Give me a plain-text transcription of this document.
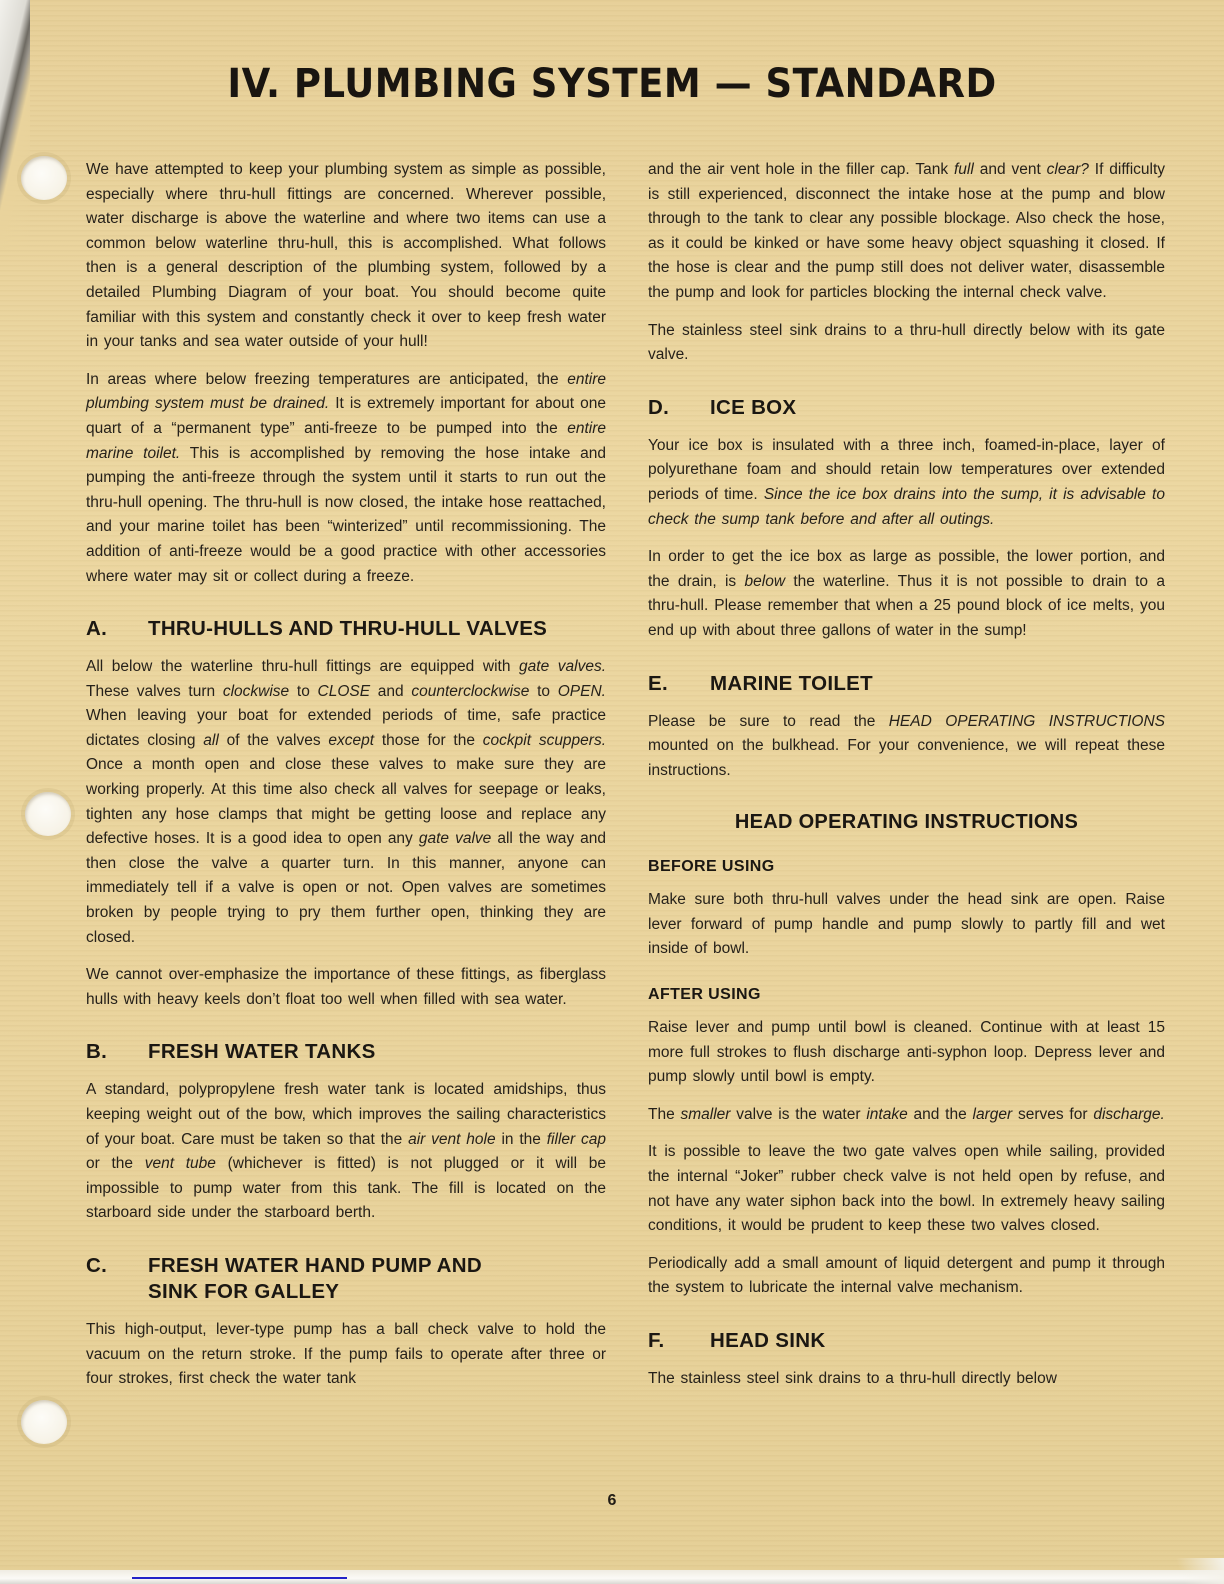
IV. PLUMBING SYSTEM — STANDARD
We have attempted to keep your plumbing system as simple as possible, especially where thru-hull fittings are concerned. Wherever possible, water discharge is above the waterline and where two items can use a common below waterline thru-hull, this is accomplished. What follows then is a general description of the plumbing system, followed by a detailed Plumbing Diagram of your boat. You should become quite familiar with this system and constantly check it over to keep fresh water in your tanks and sea water outside of your hull!
In areas where below freezing temperatures are anticipated, the entire plumbing system must be drained. It is extremely important for about one quart of a “permanent type” anti-freeze to be pumped into the entire marine toilet. This is accomplished by removing the hose intake and pumping the anti-freeze through the system until it starts to run out the thru-hull opening. The thru-hull is now closed, the intake hose reattached, and your marine toilet has been “winterized” until recommissioning. The addition of anti-freeze would be a good practice with other accessories where water may sit or collect during a freeze.
A.	THRU-HULLS AND THRU-HULL VALVES
All below the waterline thru-hull fittings are equipped with gate valves. These valves turn clockwise to CLOSE and counterclockwise to OPEN. When leaving your boat for extended periods of time, safe practice dictates closing all of the valves except those for the cockpit scuppers. Once a month open and close these valves to make sure they are working properly. At this time also check all valves for seepage or leaks, tighten any hose clamps that might be getting loose and replace any defective hoses. It is a good idea to open any gate valve all the way and then close the valve a quarter turn. In this manner, anyone can immediately tell if a valve is open or not. Open valves are sometimes broken by people trying to pry them further open, thinking they are closed.
We cannot over-emphasize the importance of these fittings, as fiberglass hulls with heavy keels don’t float too well when filled with sea water.
B.	FRESH WATER TANKS
A standard, polypropylene fresh water tank is located amidships, thus keeping weight out of the bow, which improves the sailing characteristics of your boat. Care must be taken so that the air vent hole in the filler cap or the vent tube (whichever is fitted) is not plugged or it will be impossible to pump water from this tank. The fill is located on the starboard side under the starboard berth.
C.	FRESH WATER HAND PUMP AND
SINK FOR GALLEY
This high-output, lever-type pump has a ball check valve to hold the vacuum on the return stroke. If the pump fails to operate after three or four strokes, first check the water tank
and the air vent hole in the filler cap. Tank full and vent clear? If difficulty is still experienced, disconnect the intake hose at the pump and blow through to the tank to clear any possible blockage. Also check the hose, as it could be kinked or have some heavy object squashing it closed. If the hose is clear and the pump still does not deliver water, disassemble the pump and look for particles blocking the internal check valve.
The stainless steel sink drains to a thru-hull directly below with its gate valve.
D.	ICE BOX
Your ice box is insulated with a three inch, foamed-in-place, layer of polyurethane foam and should retain low temperatures over extended periods of time. Since the ice box drains into the sump, it is advisable to check the sump tank before and after all outings.
In order to get the ice box as large as possible, the lower portion, and the drain, is below the waterline. Thus it is not possible to drain to a thru-hull. Please remember that when a 25 pound block of ice melts, you end up with about three gallons of water in the sump!
E.	MARINE TOILET
Please be sure to read the HEAD OPERATING INSTRUCTIONS mounted on the bulkhead. For your convenience, we will repeat these instructions.
HEAD OPERATING INSTRUCTIONS
BEFORE USING
Make sure both thru-hull valves under the head sink are open. Raise lever forward of pump handle and pump slowly to partly fill and wet inside of bowl.
AFTER USING
Raise lever and pump until bowl is cleaned. Continue with at least 15 more full strokes to flush discharge anti-syphon loop. Depress lever and pump slowly until bowl is empty.
The smaller valve is the water intake and the larger serves for discharge.
It is possible to leave the two gate valves open while sailing, provided the internal “Joker” rubber check valve is not held open by refuse, and not have any water siphon back into the bowl. In extremely heavy sailing conditions, it would be prudent to keep these two valves closed.
Periodically add a small amount of liquid detergent and pump it through the system to lubricate the internal valve mechanism.
F.	HEAD SINK
The stainless steel sink drains to a thru-hull directly below
6
